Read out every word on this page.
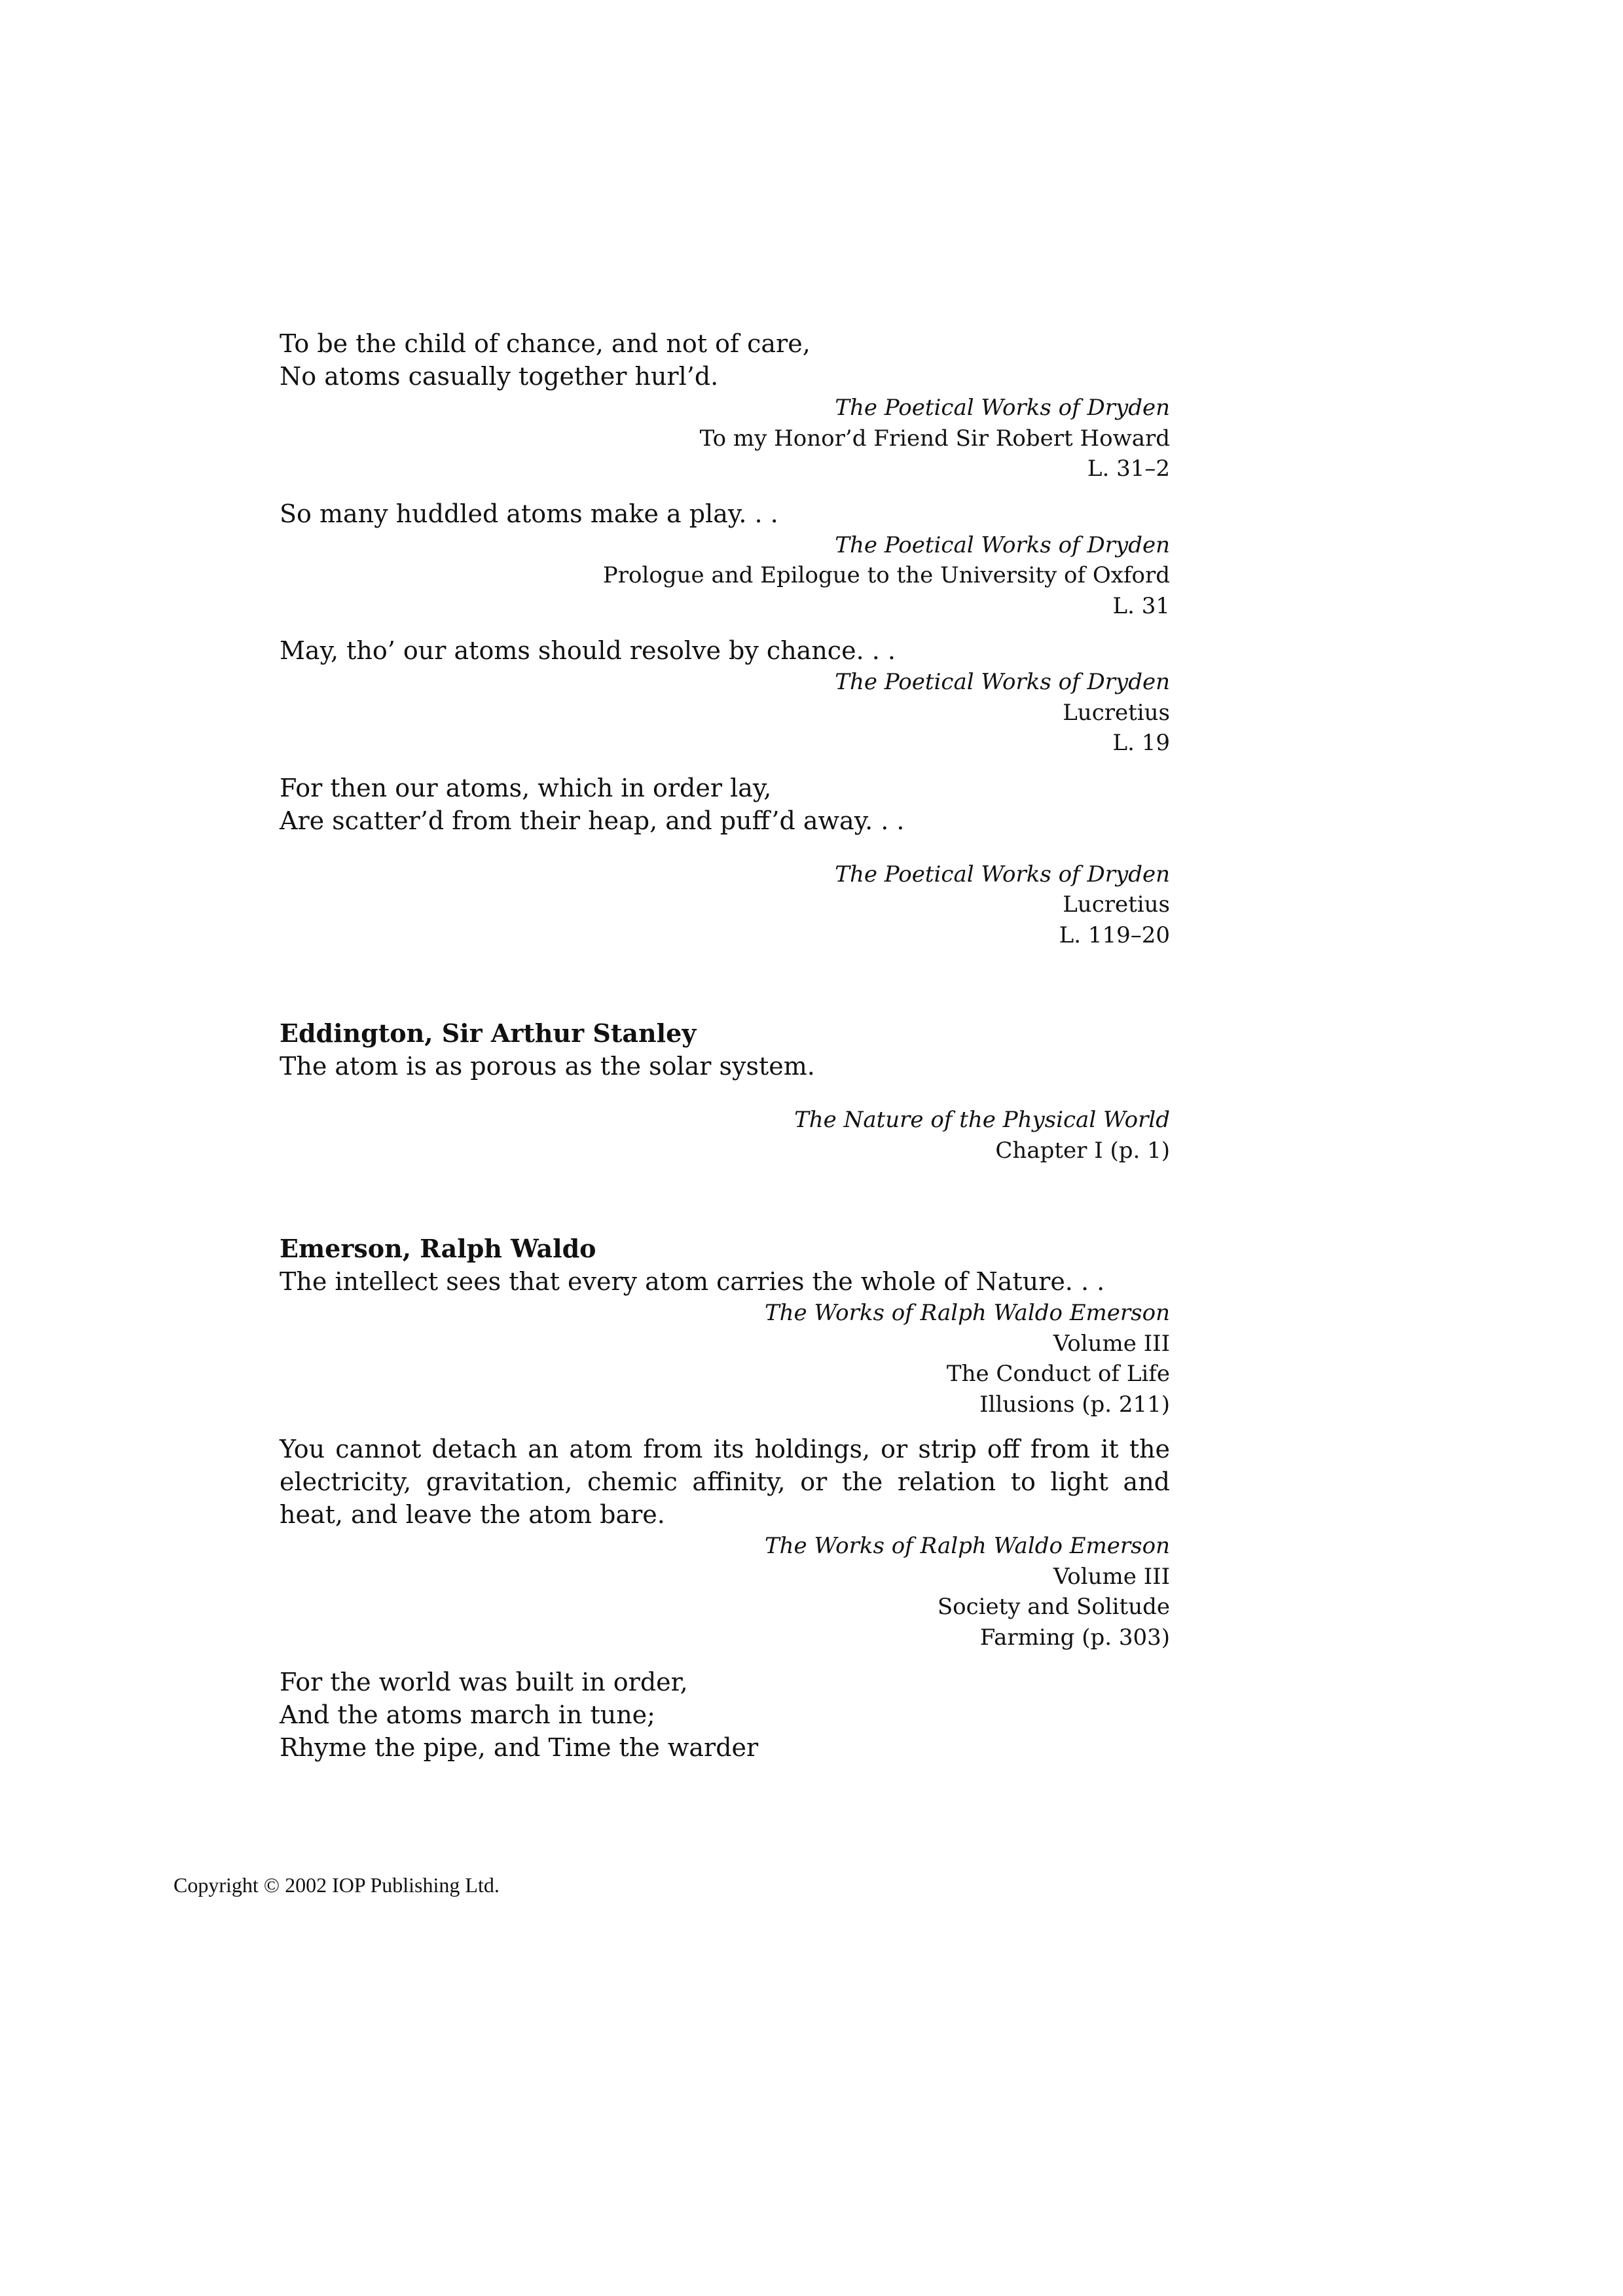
To be the child of chance, and not of care,

No atoms casually together hurl’d.

The Poetical Works of Dryden
To my Honor’d Friend Sir Robert Howard
L. 31–2

So many huddled atoms make a play. . .

The Poetical Works of Dryden
Prologue and Epilogue to the University of Oxford
L. 31

May, tho’ our atoms should resolve by chance. . .

The Poetical Works of Dryden
Lucretius
L. 19

For then our atoms, which in order lay,

Are scatter’d from their heap, and puff’d away. . .

The Poetical Works of Dryden
Lucretius
L. 119–20

Eddington, Sir Arthur Stanley

The atom is as porous as the solar system.

The Nature of the Physical World
Chapter I (p. 1)

Emerson, Ralph Waldo

The intellect sees that every atom carries the whole of Nature. . .

The Works of Ralph Waldo Emerson
Volume III
The Conduct of Life
Illusions (p. 211)

You cannot detach an atom from its holdings, or strip off from it the electricity, gravitation, chemic affinity, or the relation to light and heat, and leave the atom bare.

The Works of Ralph Waldo Emerson
Volume III
Society and Solitude
Farming (p. 303)

For the world was built in order,

And the atoms march in tune;

Rhyme the pipe, and Time the warder

Copyright © 2002 IOP Publishing Ltd.
